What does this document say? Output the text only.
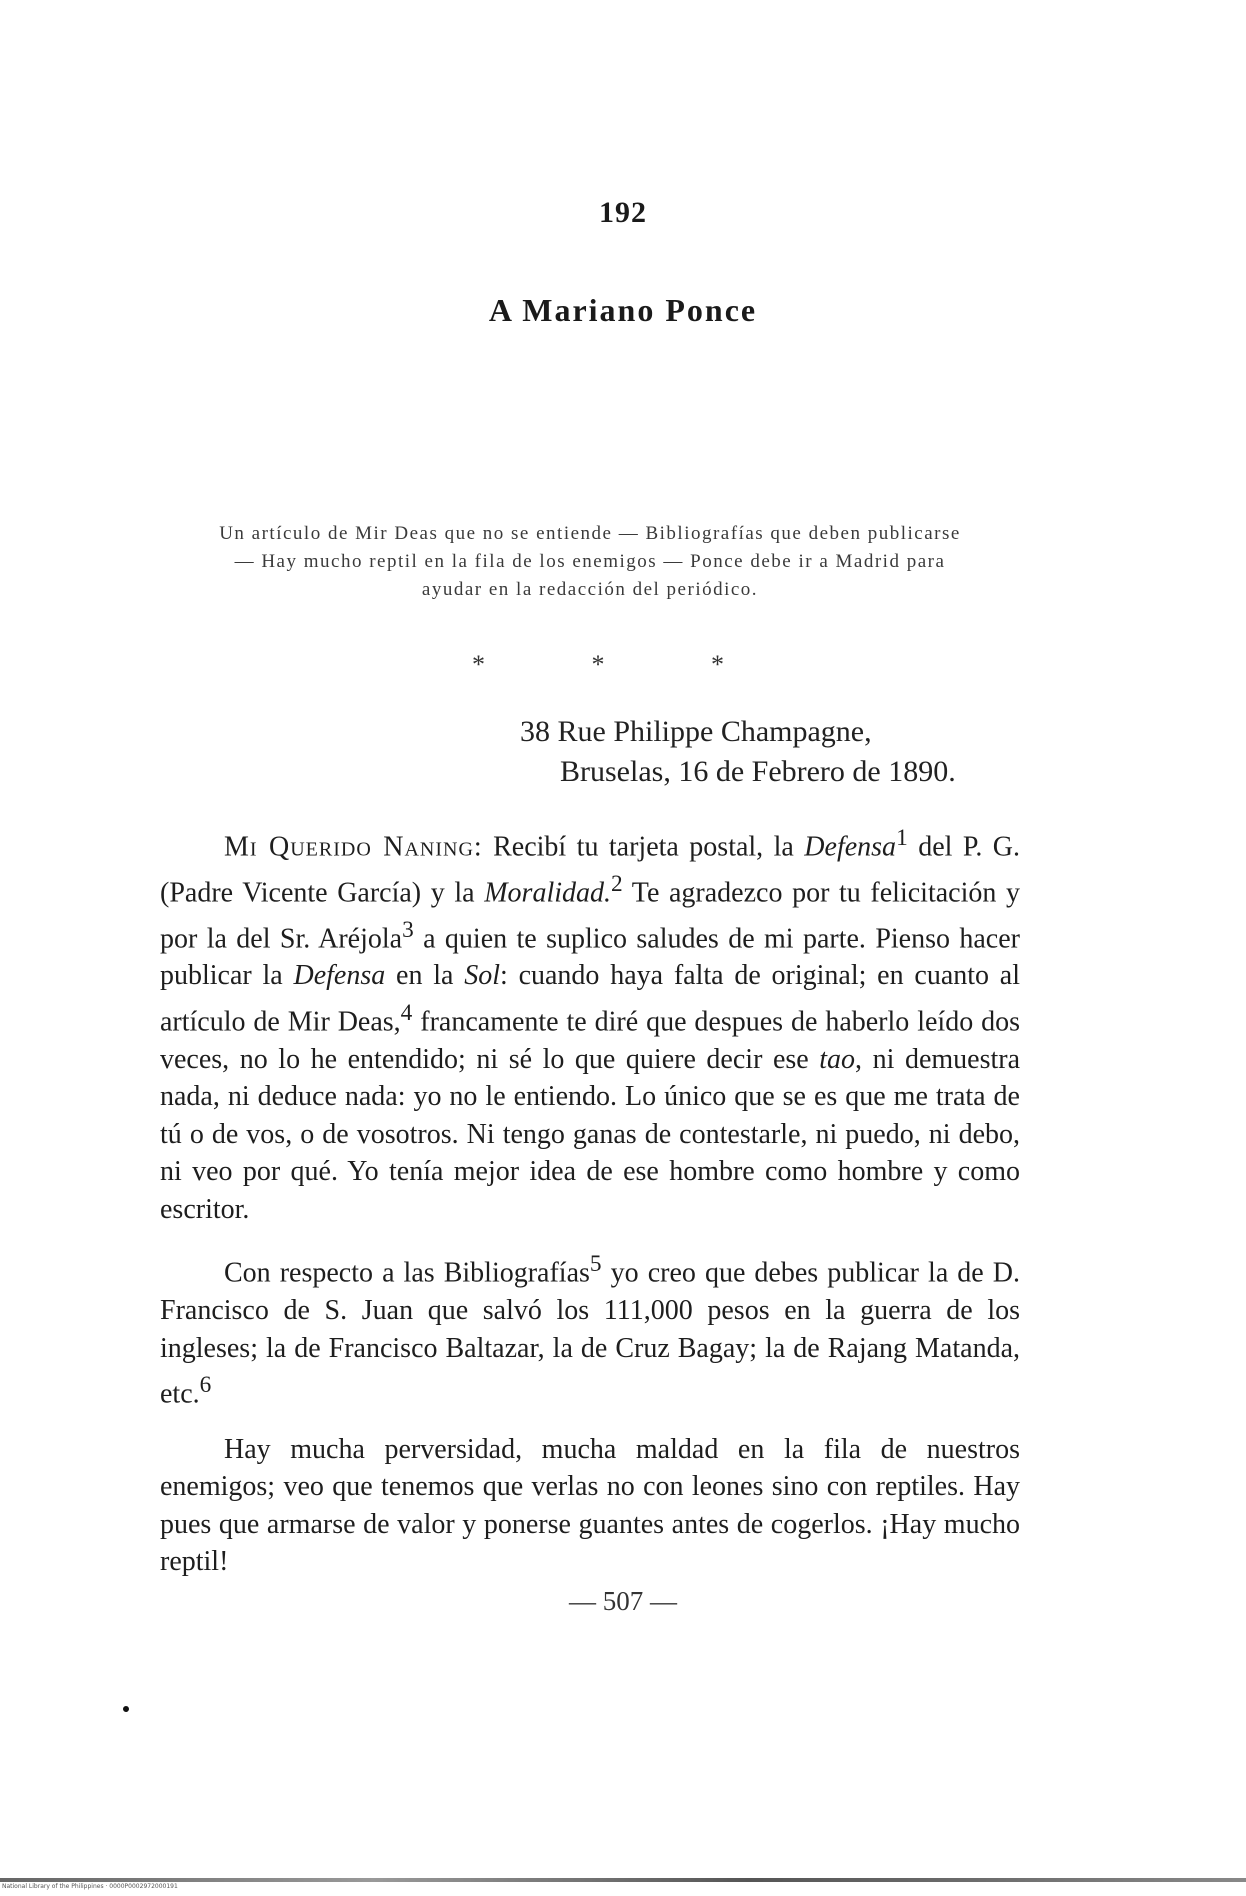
192
A Mariano Ponce

Un artículo de Mir Deas que no se entiende — Bibliografías que deben publicarse — Hay mucho reptil en la fila de los enemigos — Ponce debe ir a Madrid para ayudar en la redacción del periódico.

* * *
38 Rue Philippe Champagne,
Bruselas, 16 de Febrero de 1890.

Mi Querido Naning: Recibí tu tarjeta postal, la Defensa$^1$ del P. G. (Padre Vicente García) y la Moralidad.$^2$ Te agradezco por tu felicitación y por la del Sr. Aréjola$^3$ a quien te suplico saludes de mi parte. Pienso hacer publicar la Defensa en la Sol: cuando haya falta de original; en cuanto al artículo de Mir Deas,$^4$ francamente te diré que despues de haberlo leído dos veces, no lo he entendido; ni sé lo que quiere decir ese tao, ni demuestra nada, ni deduce nada: yo no le entiendo. Lo único que se es que me trata de tú o de vos, o de vosotros. Ni tengo ganas de contestarle, ni puedo, ni debo, ni veo por qué. Yo tenía mejor idea de ese hombre como hombre y como escritor.

Con respecto a las Bibliografías$^5$ yo creo que debes publicar la de D. Francisco de S. Juan que salvó los 111,000 pesos en la guerra de los ingleses; la de Francisco Baltazar, la de Cruz Bagay; la de Rajang Matanda, etc.$^6$

Hay mucha perversidad, mucha maldad en la fila de nuestros enemigos; veo que tenemos que verlas no con leones sino con reptiles. Hay pues que armarse de valor y ponerse guantes antes de cogerlos. ¡Hay mucho reptil!

— 507 —
National Library of the Philippines · 0000P0002972000191
